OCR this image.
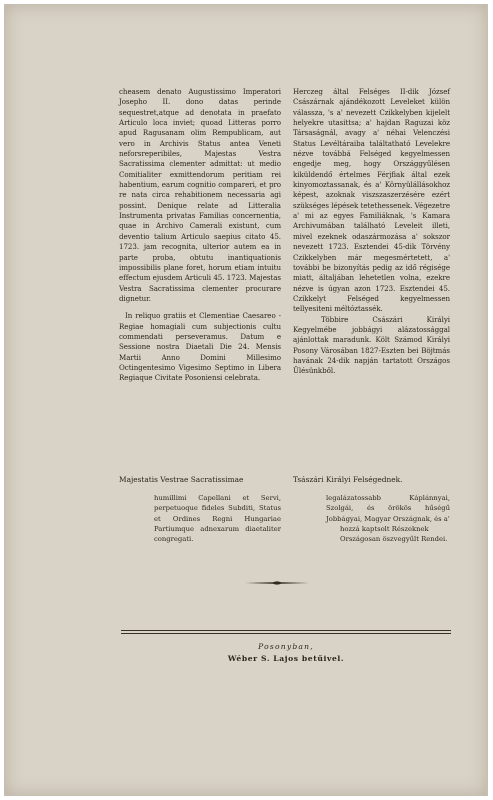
cheasem denato Augustissimo Imperatori Josepho II. dono datas perinde sequestret,atque ad denotata in praefato Articulo loca inviet; quoad Litteras porro apud Ragusanam olim Rempublicam, aut vero in Archivis Status antea Veneti neforsreperibiles, Majestas Vestra Sacratissima clementer admittat: ut medio Comitialiter exmittendorum peritiam rei habentium, earum cognitio compareri, et pro re nata circa rehabitionem necessaria agi possint. Denique relate ad Litteralia Instrumenta privatas Familias concernentia, quae in Archivo Camerali existunt, cum deventio talium Articulo saepius citato 45. 1723. jam recognita, ulterior autem ea in parte proba, obtutu inantiquationis impossibilis plane foret, horum etiam intuitu effectum ejusdem Articuli 45. 1723. Majestas Vestra Sacratissima clementer procurare dignetur.

In reliquo gratiis et Clementiae Caesareo - Regiae homagiali cum subjectionis cultu commendati perseveramus. Datum e Sessione nostra Diaetali Die 24. Mensis Martii Anno Domini Millesimo Octingentesimo Vigesimo Septimo in Libera Regiaque Civitate Posoniensi celebrata.

Herczeg által Felséges II-dik József Császárnak ajándékozott Leveleket külön válassza, 's a' nevezett Czikkelyben kijelelt helyekre utasittsa; a' hajdan Raguzai köz Társaságnál, avagy a' néhai Velenczési Status Levéltáraiba találtatható Levelekre nézve továbbá Felséged kegyelmessen engedje meg, hogy Országgyűlésen kiküldendő értelmes Férjfiak által ezek kinyomoztassanak, és a' Környülállásokhoz képest, azoknak viszszaszerzésére ezért szükséges lépések tetethessenek. Végezetre a' mi az egyes Familiáknak, 's Kamara Archivumában található Leveleit illeti, mivel ezeknek odaszármozása a' sokszor nevezett 1723. Esztendei 45-dik Törvény Czikkelyben már megesmértetett, a' további be bizonyítás pedig az idő régisége miatt, általjában lehetetlen volna, ezekre nézve is úgyan azon 1723. Esztendei 45. Czikkelyt Felséged kegyelmessen tellyesiteni méltóztassék.

Többire Császári Királyi Kegyelmébe jobbágyi alázatossággal ajánlottak maradunk. Költ Számod Királyi Posony Városában 1827-Eszten bei Böjtmás havának 24-dik napján tartatott Országos Ülésünkből.

Majestatis Vestrae Sacratissimae	Tsászári Királyi Felségednek.
humillimi Capellani et Servi, perpetuoque fideles Subditi, Status et Ordines Regni Hungariae Partiumque adnexarum diaetaliter congregati.
legalázatossabb Káplánnyai, Szolgái, és örökös hűségű Jobbágyai, Magyar Országnak, és a'
hozzá kaptsolt Részeknek Országosan öszvegyűlt Rendei.
Posonyban,
Wéber S. Lajos betűivel.
